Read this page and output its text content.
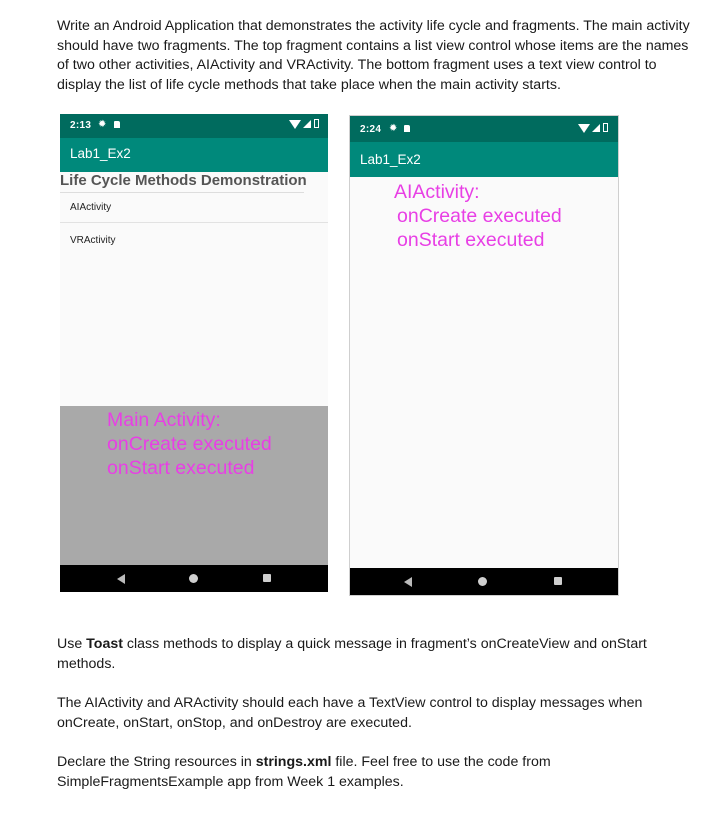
Write an Android Application that demonstrates the activity life cycle and fragments. The main activity should have two fragments. The top fragment contains a list view control whose items are the names of two other activities, AIActivity and VRActivity. The bottom fragment uses a text view control to display the list of life cycle methods that take place when the main activity starts.

2:13 ✹
Lab1_Ex2
Life Cycle Methods Demonstration
AIActivity
VRActivity
Main Activity:
onCreate executed
onStart executed
2:24 ✹
Lab1_Ex2
AIActivity:
onCreate executed
onStart executed

Use Toast class methods to display a quick message in fragment’s onCreateView and onStart methods.

The AIActivity and ARActivity should each have a TextView control to display messages when onCreate, onStart, onStop, and onDestroy are executed.

Declare the String resources in strings.xml file. Feel free to use the code from SimpleFragmentsExample app from Week 1 examples.
